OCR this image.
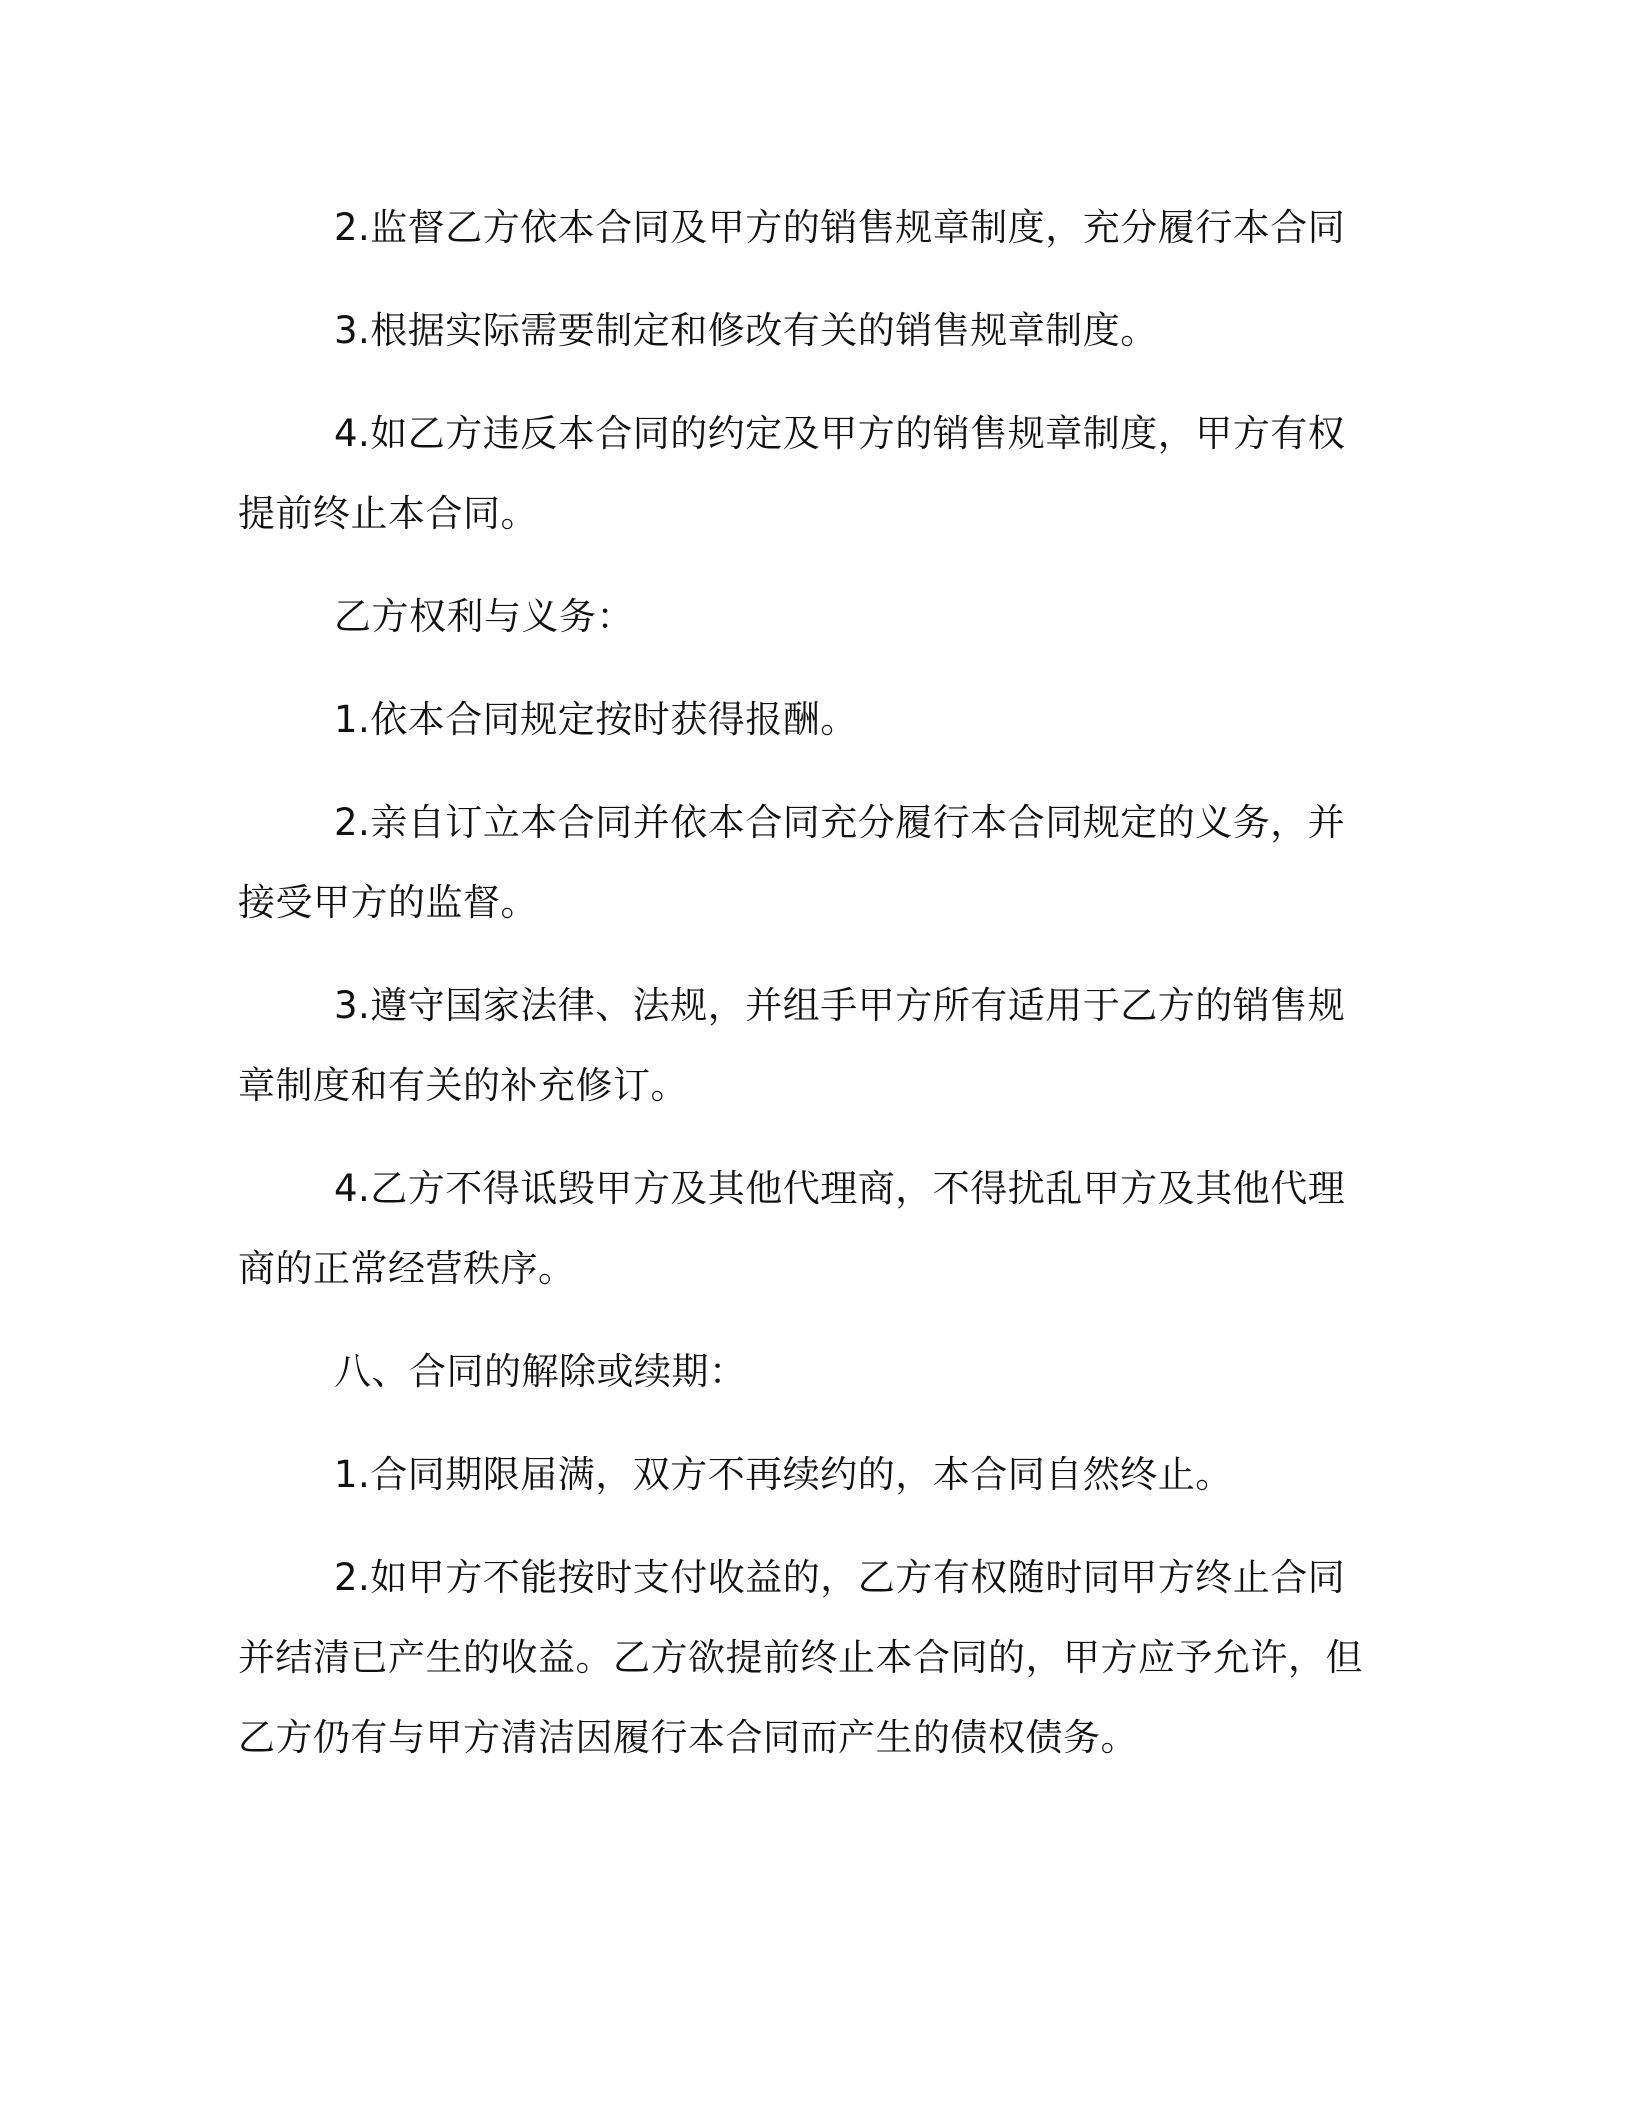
2.监督乙方依本合同及甲方的销售规章制度，充分履行本合同

3.根据实际需要制定和修改有关的销售规章制度。

4.如乙方违反本合同的约定及甲方的销售规章制度，甲方有权提前终止本合同。

乙方权利与义务：

1.依本合同规定按时获得报酬。

2.亲自订立本合同并依本合同充分履行本合同规定的义务，并接受甲方的监督。

3.遵守国家法律、法规，并组手甲方所有适用于乙方的销售规章制度和有关的补充修订。

4.乙方不得诋毁甲方及其他代理商，不得扰乱甲方及其他代理商的正常经营秩序。

八、合同的解除或续期：

1.合同期限届满，双方不再续约的，本合同自然终止。

2.如甲方不能按时支付收益的，乙方有权随时同甲方终止合同并结清已产生的收益。乙方欲提前终止本合同的，甲方应予允许，但乙方仍有与甲方清洁因履行本合同而产生的债权债务。
